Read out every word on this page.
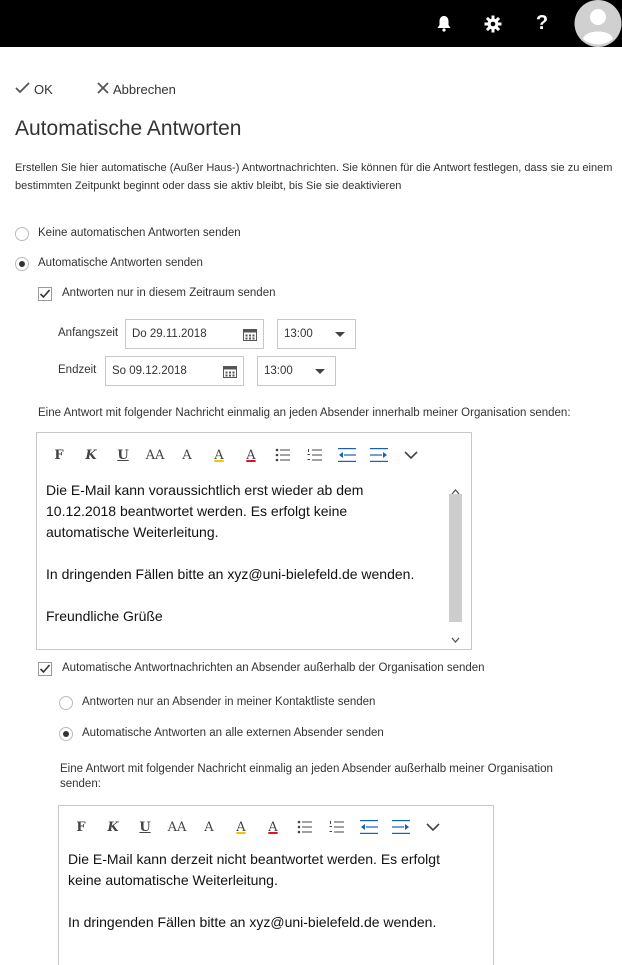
?
OK	Abbrechen
Automatische Antworten
Erstellen Sie hier automatische (Außer Haus-) Antwortnachrichten. Sie können für die Antwort festlegen, dass sie zu einem bestimmten Zeitpunkt beginnt oder dass sie aktiv bleibt, bis Sie sie deaktivieren
Keine automatischen Antworten senden
Automatische Antworten senden
Antworten nur in diesem Zeitraum senden
Anfangszeit Do 29.11.2018	13:00
Endzeit So 09.12.2018	13:00
Eine Antwort mit folgender Nachricht einmalig an jeden Absender innerhalb meiner Organisation senden:
F	K	U	AA	A	A	A

Die E-Mail kann voraussichtlich erst wieder ab dem

10.12.2018 beantwortet werden. Es erfolgt keine

automatische Weiterleitung.

In dringenden Fällen bitte an xyz@uni-bielefeld.de wenden.

Freundliche Grüße

Automatische Antwortnachrichten an Absender außerhalb der Organisation senden
Antworten nur an Absender in meiner Kontaktliste senden
Automatische Antworten an alle externen Absender senden
Eine Antwort mit folgender Nachricht einmalig an jeden Absender außerhalb meiner Organisation
senden:
F	K	U	AA	A	A	A

Die E-Mail kann derzeit nicht beantwortet werden. Es erfolgt

keine automatische Weiterleitung.

In dringenden Fällen bitte an xyz@uni-bielefeld.de wenden.
